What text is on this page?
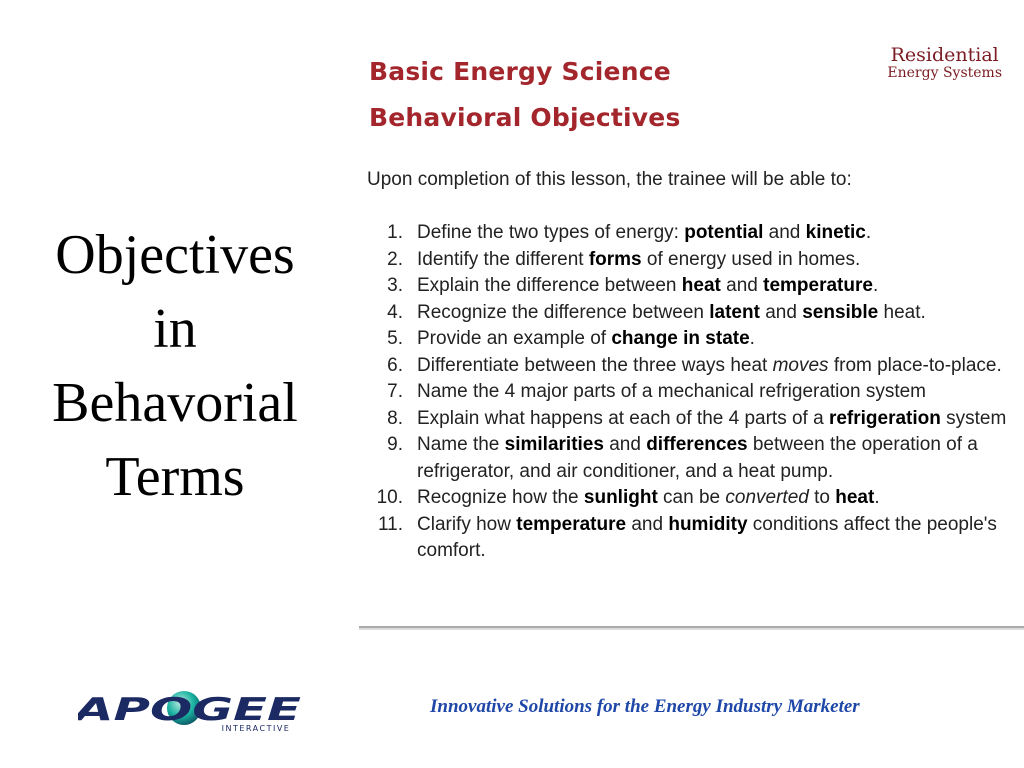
Objectives
in
Behavorial
Terms
Basic Energy Science
Behavioral Objectives
Residential
Energy Systems
Upon completion of this lesson, the trainee will be able to:
1. Define the two types of energy: potential and kinetic.
2. Identify the different forms of energy used in homes.
3. Explain the difference between heat and temperature.
4. Recognize the difference between latent and sensible heat.
5. Provide an example of change in state.
6. Differentiate between the three ways heat moves from place-to-place.
7. Name the 4 major parts of a mechanical refrigeration system
8. Explain what happens at each of the 4 parts of a refrigeration system
9. Name the similarities and differences between the operation of a refrigerator, and air conditioner, and a heat pump.
10. Recognize how the sunlight can be converted to heat.
11. Clarify how temperature and humidity conditions affect the people's comfort.
APOGEE
INTERACTIVE
Innovative Solutions for the Energy Industry Marketer
